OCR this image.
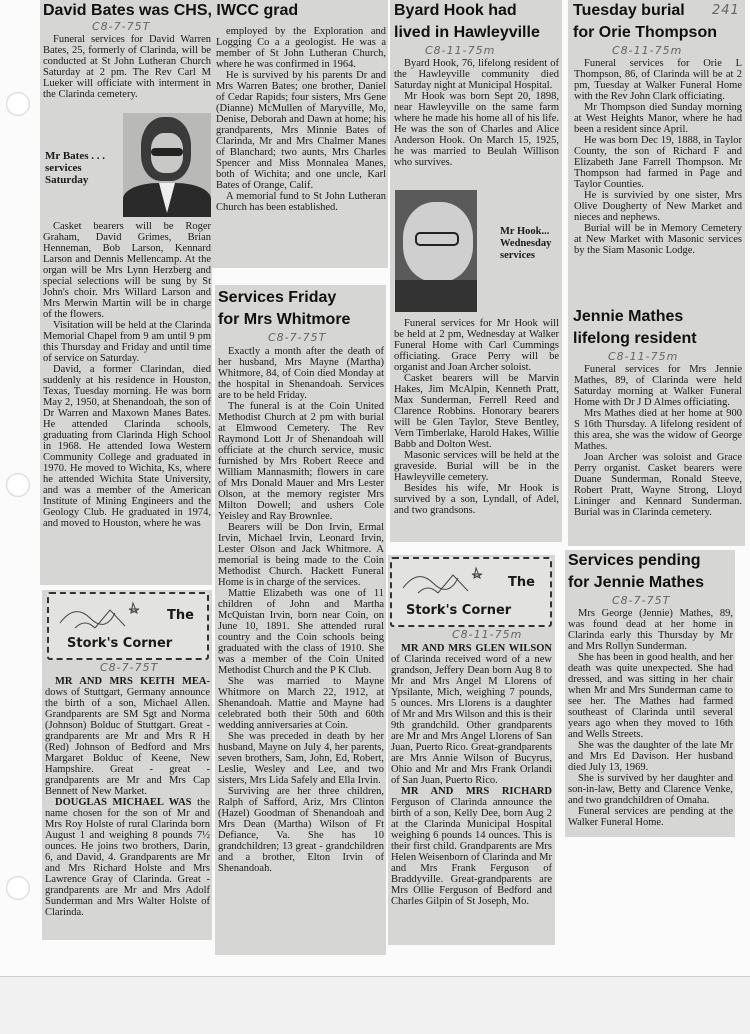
David Bates was CHS, IWCC grad
C8-7-75T

Funeral services for David Warren Bates, 25, formerly of Clarinda, will be conducted at St John Lutheran Church Saturday at 2 pm. The Rev Carl M Lueker will officiate with interment in the Clarinda cemetery.

Mr Bates . . .
services
Saturday

Casket bearers will be Roger Graham, David Grimes, Brian Henneman, Bob Larson, Kennard Larson and Dennis Mellencamp. At the organ will be Mrs Lynn Herzberg and special selections will be sung by St John's choir. Mrs Willard Larson and Mrs Merwin Martin will be in charge of the flowers.

Visitation will be held at the Clarinda Memorial Chapel from 9 am until 9 pm this Thursday and Friday and until time of service on Saturday.

David, a former Clarindan, died suddenly at his residence in Houston, Texas, Tuesday morning. He was born May 2, 1950, at Shenandoah, the son of Dr Warren and Maxown Manes Bates. He attended Clarinda schools, graduating from Clarinda High School in 1968. He attended Iowa Western Community College and graduated in 1970. He moved to Wichita, Ks, where he attended Wichita State University, and was a member of the American Institute of Mining Engineers and the Geology Club. He graduated in 1974, and moved to Houston, where he was

employed by the Exploration and Logging Co a a geologist. He was a member of St John Lutheran Church, where he was confirmed in 1964.

He is survived by his parents Dr and Mrs Warren Bates; one brother, Daniel of Cedar Rapids; four sisters, Mrs Gene (Dianne) McMullen of Maryville, Mo, Denise, Deborah and Dawn at home; his grandparents, Mrs Minnie Bates of Clarinda, Mr and Mrs Chalmer Manes of Blanchard; two aunts, Mrs Charles Spencer and Miss Monnalea Manes, both of Wichita; and one uncle, Karl Bates of Orange, Calif.

A memorial fund to St John Lutheran Church has been established.

The
Stork's Corner
C8-7-75T

MR AND MRS KEITH MEA- dows of Stuttgart, Germany announce the birth of a son, Michael Allen. Grandparents are SM Sgt and Norma (Johnson) Bolduc of Stuttgart. Great - grandparents are Mr and Mrs R H (Red) Johnson of Bedford and Mrs Margaret Bolduc of Keene, New Hampshire. Great - great - grandparents are Mr and Mrs Cap Bennett of New Market.

DOUGLAS MICHAEL WAS the name chosen for the son of Mr and Mrs Roy Holste of rural Clarinda born August 1 and weighing 8 pounds 7½ ounces. He joins two brothers, Darin, 6, and David, 4. Grandparents are Mr and Mrs Richard Holste and Mrs Lawrence Gray of Clarinda. Great - grandparents are Mr and Mrs Adolf Sunderman and Mrs Walter Holste of Clarinda.

Services Friday
for Mrs Whitmore
C8-7-75T

Exactly a month after the death of her husband, Mrs Mayne (Martha) Whitmore, 84, of Coin died Monday at the hospital in Shenandoah. Services are to be held Friday.

The funeral is at the Coin United Methodist Church at 2 pm with burial at Elmwood Cemetery. The Rev Raymond Lott Jr of Shenandoah will officiate at the church service, music furnished by Mrs Robert Reece and William Mannasmith; flowers in care of Mrs Donald Mauer and Mrs Lester Olson, at the memory register Mrs Milton Dowell; and ushers Cole Yeisley and Ray Brownlee.

Bearers will be Don Irvin, Ermal Irvin, Michael Irvin, Leonard Irvin, Lester Olson and Jack Whitmore. A memorial is being made to the Coin Methodist Church. Hackett Funeral Home is in charge of the services.

Mattie Elizabeth was one of 11 children of John and Martha McQuistan Irvin, born near Coin, on June 10, 1891. She attended rural country and the Coin schools being graduated with the class of 1910. She was a member of the Coin United Methodist Church and the P K Club.

She was married to Mayne Whitmore on March 22, 1912, at Shenandoah. Mattie and Mayne had celebrated both their 50th and 60th wedding anniversaries at Coin.

She was preceded in death by her husband, Mayne on July 4, her parents, seven brothers, Sam, John, Ed, Robert, Leslie, Wesley and Lee, and two sisters, Mrs Lida Safely and Ella Irvin.

Surviving are her three children, Ralph of Safford, Ariz, Mrs Clinton (Hazel) Goodman of Shenandoah and Mrs Dean (Martha) Wilson of Ft Defiance, Va. She has 10 grandchildren; 13 great - grandchildren and a brother, Elton Irvin of Shenandoah.

Byard Hook had
lived in Hawleyville
C8-11-75m

Byard Hook, 76, lifelong resident of the Hawleyville community died Saturday night at Municipal Hospital.

Mr Hook was born Sept 20, 1898, near Hawleyville on the same farm where he made his home all of his life. He was the son of Charles and Alice Anderson Hook. On March 15, 1925, he was married to Beulah Willison who survives.

Mr Hook...
Wednesday
services

Funeral services for Mr Hook will be held at 2 pm, Wednesday at Walker Funeral Home with Carl Cummings officiating. Grace Perry will be organist and Joan Archer soloist.

Casket bearers will be Marvin Hakes, Jim McAlpin, Kenneth Pratt, Max Sunderman, Ferrell Reed and Clarence Robbins. Honorary bearers will be Glen Taylor, Steve Bentley, Vern Timberlake, Harold Hakes, Willie Babb and Dolton West.

Masonic services will be held at the graveside. Burial will be in the Hawleyville cemetery.

Besides his wife, Mr Hook is survived by a son, Lyndall, of Adel, and two grandsons.

The
Stork's Corner
C8-11-75m

MR AND MRS GLEN WILSON of Clarinda received word of a new grandson, Jeffery Dean born Aug 8 to Mr and Mrs Angel M Llorens of Ypsilante, Mich, weighing 7 pounds, 5 ounces. Mrs Llorens is a daughter of Mr and Mrs Wilson and this is their 9th grandchild. Other grandparents are Mr and Mrs Angel Llorens of San Juan, Puerto Rico. Great-grandparents are Mrs Annie Wilson of Bucyrus, Ohio and Mr and Mrs Frank Orlandi of San Juan, Puerto Rico.

MR AND MRS RICHARD Ferguson of Clarinda announce the birth of a son, Kelly Dee, born Aug 2 at the Clarinda Municipal Hospital weighing 6 pounds 14 ounces. This is their first child. Grandparents are Mrs Helen Weisenborn of Clarinda and Mr and Mrs Frank Ferguson of Braddyville. Great-grandparents are Mrs Ollie Ferguson of Bedford and Charles Gilpin of St Joseph, Mo.

241
Tuesday burial
for Orie Thompson
C8-11-75m

Funeral services for Orie L Thompson, 86, of Clarinda will be at 2 pm, Tuesday at Walker Funeral Home with the Rev John Clark officiating.

Mr Thompson died Sunday morning at West Heights Manor, where he had been a resident since April.

He was born Dec 19, 1888, in Taylor County, the son of Richard F and Elizabeth Jane Farrell Thompson. Mr Thompson had farmed in Page and Taylor Counties.

He is survivied by one sister, Mrs Olive Dougherty of New Market and nieces and nephews.

Burial will be in Memory Cemetery at New Market with Masonic services by the Siam Masonic Lodge.

Jennie Mathes
lifelong resident
C8-11-75m

Funeral services for Mrs Jennie Mathes, 89, of Clarinda were held Saturday morning at Walker Funeral Home with Dr J D Almes officiating.

Mrs Mathes died at her home at 900 S 16th Thursday. A lifelong resident of this area, she was the widow of George Mathes.

Joan Archer was soloist and Grace Perry organist. Casket bearers were Duane Sunderman, Ronald Steeve, Robert Pratt, Wayne Strong, Lloyd Lininger and Kennard Sunderman. Burial was in Clarinda cemetery.

Services pending
for Jennie Mathes
C8-7-75T

Mrs George (Jennie) Mathes, 89, was found dead at her home in Clarinda early this Thursday by Mr and Mrs Rollyn Sunderman.

She has been in good health, and her death was quite unexpected. She had dressed, and was sitting in her chair when Mr and Mrs Sunderman came to see her. The Mathes had farmed southeast of Clarinda until several years ago when they moved to 16th and Wells Streets.

She was the daughter of the late Mr and Mrs Ed Davison. Her husband died July 13, 1969.

She is survived by her daughter and son-in-law, Betty and Clarence Venke, and two grandchildren of Omaha.

Funeral services are pending at the Walker Funeral Home.
